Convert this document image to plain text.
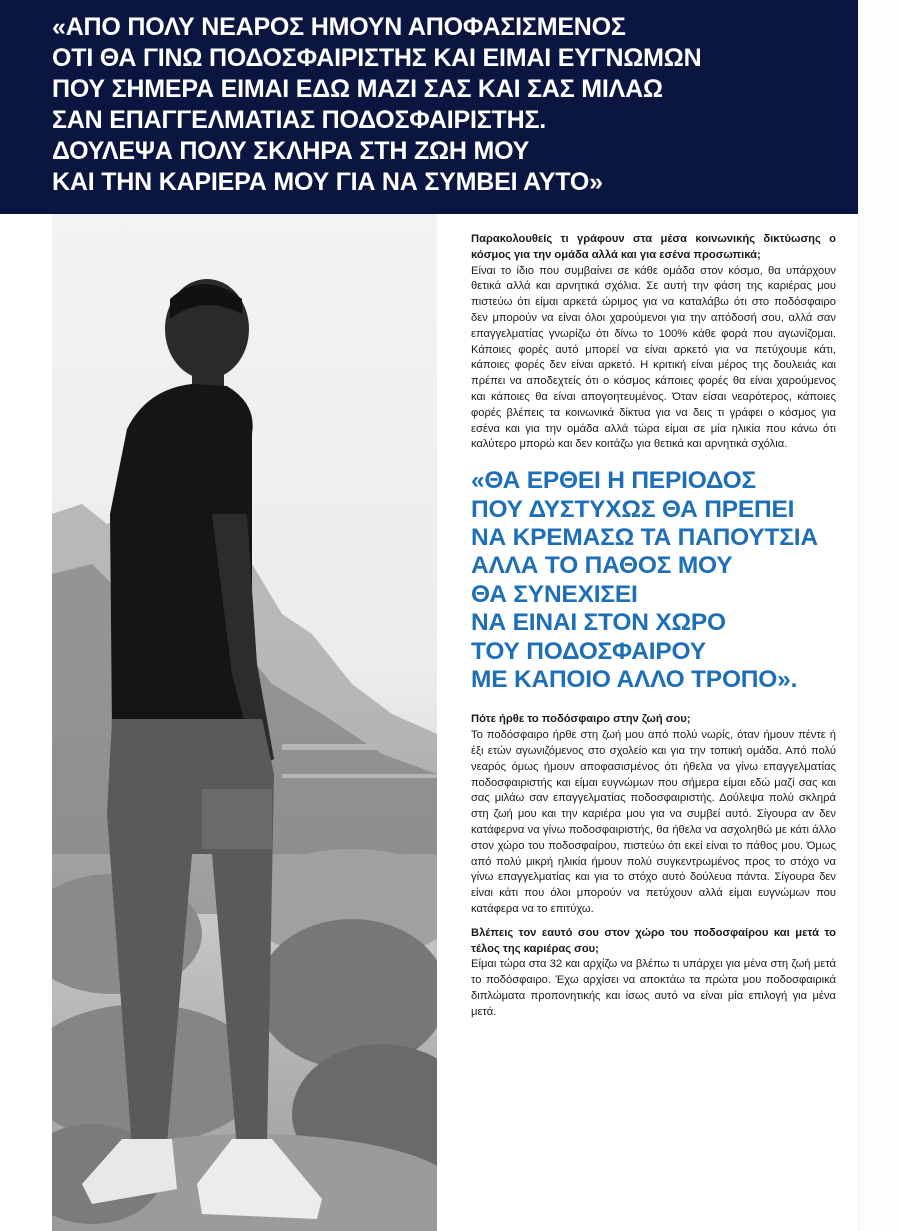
«ΑΠΟ ΠΟΛΥ ΝΕΑΡΟΣ ΗΜΟΥΝ ΑΠΟΦΑΣΙΣΜΕΝΟΣ

ΟΤΙ ΘΑ ΓΙΝΩ ΠΟΔΟΣΦΑΙΡΙΣΤΗΣ ΚΑΙ ΕΙΜΑΙ ΕΥΓΝΩΜΩΝ

ΠΟΥ ΣΗΜΕΡΑ ΕΙΜΑΙ ΕΔΩ ΜΑΖΙ ΣΑΣ ΚΑΙ ΣΑΣ ΜΙΛΑΩ

ΣΑΝ ΕΠΑΓΓΕΛΜΑΤΙΑΣ ΠΟΔΟΣΦΑΙΡΙΣΤΗΣ.

ΔΟΥΛΕΨΑ ΠΟΛΥ ΣΚΛΗΡΑ ΣΤΗ ΖΩΗ ΜΟΥ

ΚΑΙ ΤΗΝ ΚΑΡΙΕΡΑ ΜΟΥ ΓΙΑ ΝΑ ΣΥΜΒΕΙ ΑΥΤΟ»

Παρακολουθείς τι γράφουν στα μέσα κοινωνικής δικτύωσης ο κόσμος για την ομάδα αλλά και για εσένα προσωπικά;
Είναι το ίδιο που συμβαίνει σε κάθε ομάδα στον κόσμο, θα υπάρχουν θετικά αλλά και αρνητικά σχόλια. Σε αυτή την φάση της καριέρας μου πιστεύω ότι είμαι αρκετά ώριμος για να καταλάβω ότι στο ποδόσφαιρο δεν μπορούν να είναι όλοι χαρούμενοι για την απόδοσή σου, αλλά σαν επαγγελματίας γνωρίζω ότι δίνω το 100% κάθε φορά που αγωνίζομαι. Κάποιες φορές αυτό μπορεί να είναι αρκετό για να πετύχουμε κάτι, κάποιες φορές δεν είναι αρκετό. Η κριτική είναι μέρος της δουλειάς και πρέπει να αποδεχτείς ότι ο κόσμος κάποιες φορές θα είναι χαρούμενος και κάποιες θα είναι απογοητευμένος. Όταν είσαι νεαρότερος, κάποιες φορές βλέπεις τα κοινωνικά δίκτυα για να δεις τι γράφει ο κόσμος για εσένα και για την ομάδα αλλά τώρα είμαι σε μία ηλικία που κάνω ότι καλύτερο μπορώ και δεν κοιτάζω για θετικά και αρνητικά σχόλια.

«ΘΑ ΕΡΘΕΙ Η ΠΕΡΙΟΔΟΣ
ΠΟΥ ΔΥΣΤΥΧΩΣ ΘΑ ΠΡΕΠΕΙ
ΝΑ ΚΡΕΜΑΣΩ ΤΑ ΠΑΠΟΥΤΣΙΑ
ΑΛΛΑ ΤΟ ΠΑΘΟΣ ΜΟΥ
ΘΑ ΣΥΝΕΧΙΣΕΙ
ΝΑ ΕΙΝΑΙ ΣΤΟΝ ΧΩΡΟ
ΤΟΥ ΠΟΔΟΣΦΑΙΡΟΥ
ΜΕ ΚΑΠΟΙΟ ΑΛΛΟ ΤΡΟΠΟ».

Πότε ήρθε το ποδόσφαιρο στην ζωή σου;
Το ποδόσφαιρο ήρθε στη ζωή μου από πολύ νωρίς, όταν ήμουν πέντε ή έξι ετών αγωνιζόμενος στο σχολείο και για την τοπική ομάδα. Από πολύ νεαρός όμως ήμουν αποφασισμένος ότι ήθελα να γίνω επαγγελματίας ποδοσφαιριστής και είμαι ευγνώμων που σήμερα είμαι εδώ μαζί σας και σας μιλάω σαν επαγγελματίας ποδοσφαιριστής. Δούλεψα πολύ σκληρά στη ζωή μου και την καριέρα μου για να συμβεί αυτό. Σίγουρα αν δεν κατάφερνα να γίνω ποδοσφαιριστής, θα ήθελα να ασχοληθώ με κάτι άλλο στον χώρο του ποδοσφαίρου, πιστεύω ότι εκεί είναι το πάθος μου. Όμως από πολύ μικρή ηλικία ήμουν πολύ συγκεντρωμένος προς το στόχο να γίνω επαγγελματίας και για το στόχο αυτό δούλευα πάντα. Σίγουρα δεν είναι κάτι που όλοι μπορούν να πετύχουν αλλά είμαι ευγνώμων που κατάφερα να το επιτύχω.

Βλέπεις τον εαυτό σου στον χώρο του ποδοσφαίρου και μετά το τέλος της καριέρας σου;
Είμαι τώρα στα 32 και αρχίζω να βλέπω τι υπάρχει για μένα στη ζωή μετά το ποδόσφαιρο. Έχω αρχίσει να αποκτάω τα πρώτα μου ποδοσφαιρικά διπλώματα προπονητικής και ίσως αυτό να είναι μία επιλογή για μένα μετά.
